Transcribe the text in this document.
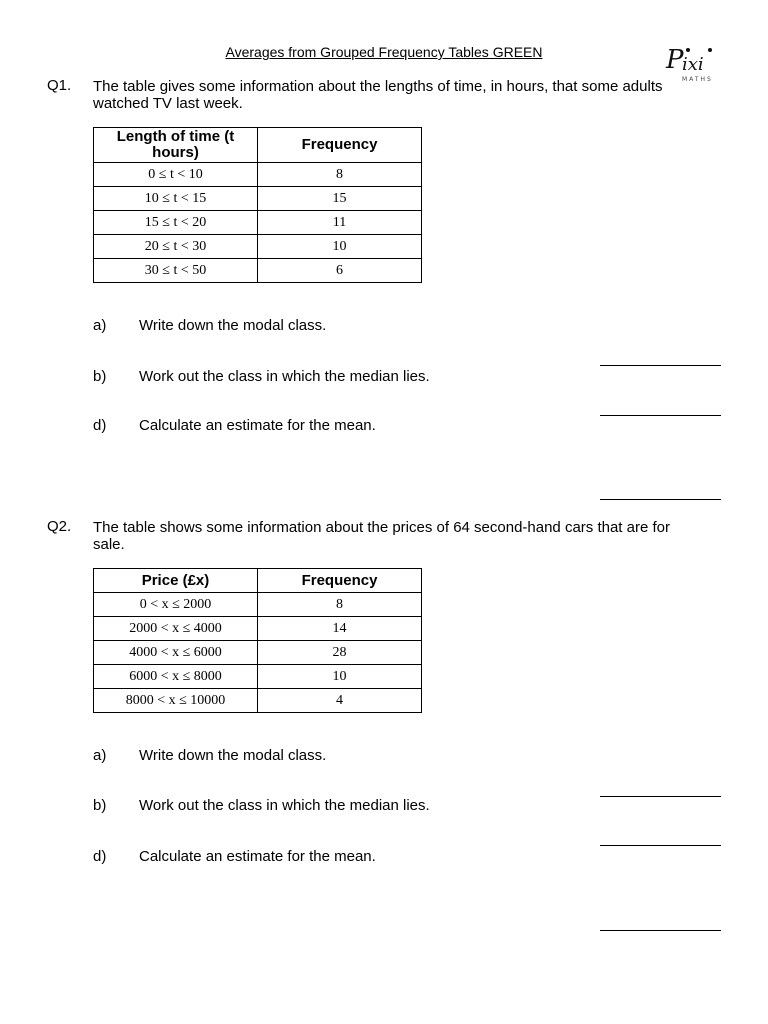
Averages from Grouped Frequency Tables GREEN	P
ixi
MATHS
Q1. The table gives some information about the lengths of time, in hours, that some adults watched TV last week.
Length of time (t hours)	Frequency
0 ≤ t < 10	8
10 ≤ t < 15	15
15 ≤ t < 20	11
20 ≤ t < 30	10
30 ≤ t < 50	6
a) Write down the modal class.
b) Work out the class in which the median lies.
d) Calculate an estimate for the mean.
Q2. The table shows some information about the prices of 64 second-hand cars that are for sale.
Price (£x)	Frequency
0 < x ≤ 2000	8
2000 < x ≤ 4000	14
4000 < x ≤ 6000	28
6000 < x ≤ 8000	10
8000 < x ≤ 10000	4
a) Write down the modal class.
b) Work out the class in which the median lies.
d) Calculate an estimate for the mean.
